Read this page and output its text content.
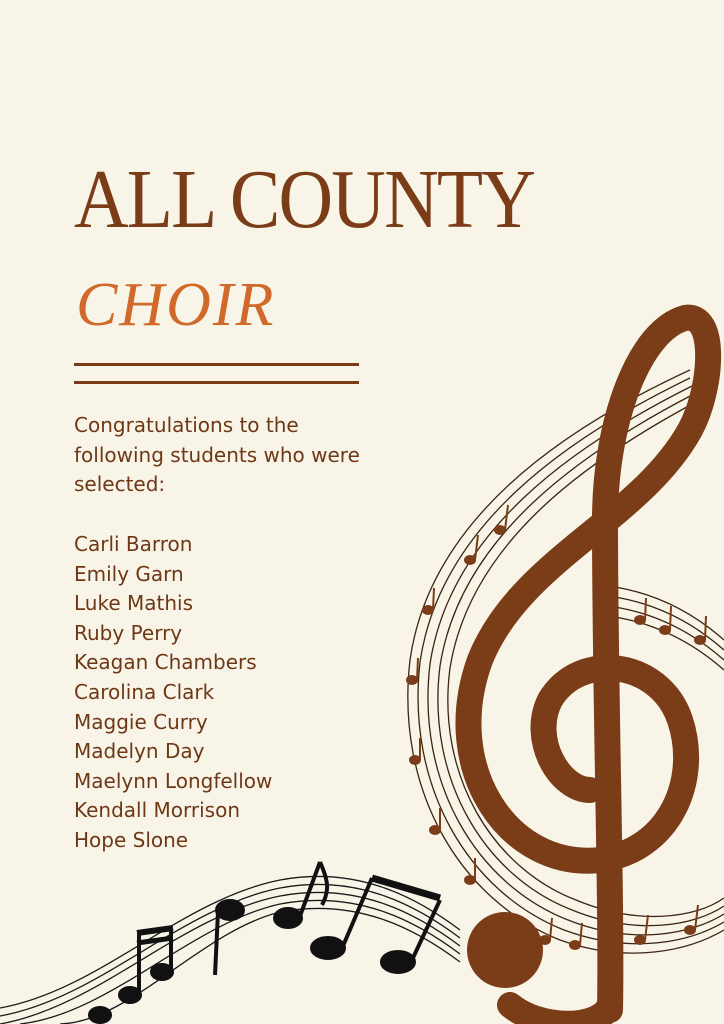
ALL COUNTY
CHOIR
Congratulations to the following students who were selected:
Carli Barron
Emily Garn
Luke Mathis
Ruby Perry
Keagan Chambers
Carolina Clark
Maggie Curry
Madelyn Day
Maelynn Longfellow
Kendall Morrison
Hope Slone
